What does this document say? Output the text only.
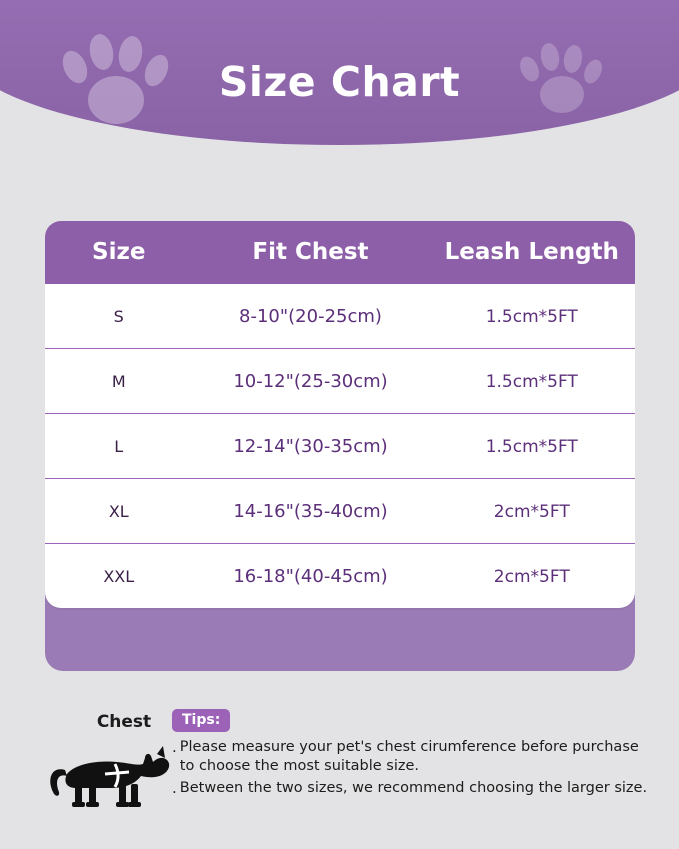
Size Chart
Size	Fit Chest	Leash Length
S	8-10"(20-25cm)	1.5cm*5FT
M	10-12"(25-30cm)	1.5cm*5FT
L	12-14"(30-35cm)	1.5cm*5FT
XL	14-16"(35-40cm)	2cm*5FT
XXL	16-18"(40-45cm)	2cm*5FT
Chest	Tips:
. Please measure your pet's chest cirumference before purchase to choose the most suitable size.
. Between the two sizes, we recommend choosing the larger size.
